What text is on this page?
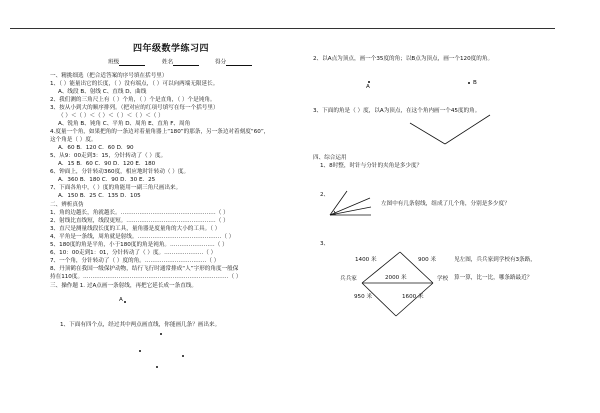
四年级数学练习四
班级	姓名	得分
一、精挑细选（把合适答案的序号填在括号里）
1、（ ）能量出它的长度，（ ）没有端点，（ ）可以向两端无限延长。
A、线段 B、射线 C、直线 D、曲线
2、我们测的三角尺上有（ ）个角，（ ）个是直角，（ ）个是钝角。
3、按从小到大的顺序排列。（把对应的红项号填写在每一个括号里）
（ ）＜（ ）＜（ ）＜（ ）＜（ ）＜（ ）
A、锐角 B、钝角 C、平角 D、周角 E、直角 F、周角
4.度量一个角，如果把角的一条边对着量角器上“180”的那条，另一条边对着刻度“60”，
这个角是（ ）度。
A．60 B．120 C．60 D．90
5、从9：00走到3：15，分针转动了（ ）度。
A．15 B．60 C．90 D．120 E．180
6、钟面上，分针转动360度，相应地时针转动（ ）度。
A．360 B．180 C．90 D．30 E．25
7、下面各角中，（ ）度的角能用一副三角尺画出来。
A．150 B．25 C．135 D．105
二、辨析真伪
1、角的边越长，角就越长。……………………………………………（ ）
2、射线比直线短，线段更短。…………………………………………（ ）
3、直尺是测量线段长度的工具，量角器是度量角的大小的工具。（ ）
4、平角是一条线，周角就是射线。………………………………………（ ）
5、180度的角是平角，小于180度的角是钝角。……………………（ ）
6、10：00走到1：01，分针转动了（ ）度。…………………（ ）
7、一个角，分针转动了（ ）度的角。……………………………（ ）
8、丹顶鹤在我国一级保护动物，结行飞行时通常排成“人”字形的角度一般保
持在110度。……………………………………………………………………（ ）
三、操作题 1. 过A点画一条射线，再把它延长成一条直线。
A
1、下面有四个点，经过其中两点画直线，你能画几条？画出来。
2、以A点为顶点，画一个35度的角；以B点为顶点，画一个120度的角。
A
B
3、下面的角是（ ）度，以A为顶点，在这个角内画一个45度的角。
四、综合运用
1、8时整，时针与分针的夹角是多少度？
2、
左图中有几条射线，组成了几个角，分别是多少度？
3、
见左图，兵兵家到学校有3条路，
算一算，比一比，哪条路最近？
1400 米	900 米
2000 米
950 米	1600 米
兵兵家	学校
